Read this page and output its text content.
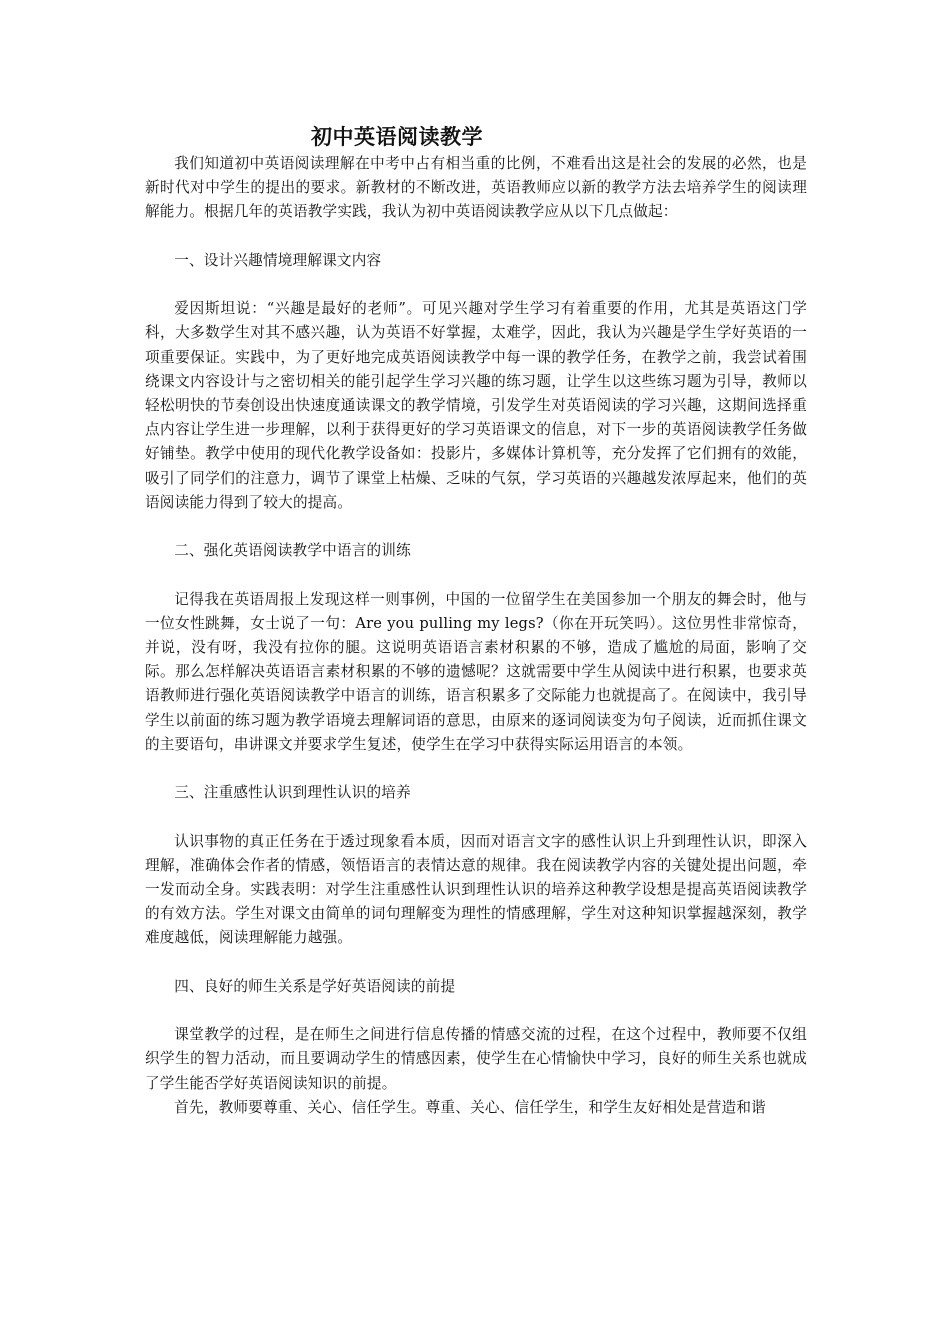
初中英语阅读教学

我们知道初中英语阅读理解在中考中占有相当重的比例，不难看出这是社会的发展的必然，也是新时代对中学生的提出的要求。新教材的不断改进，英语教师应以新的教学方法去培养学生的阅读理解能力。根据几年的英语教学实践，我认为初中英语阅读教学应从以下几点做起：

一、设计兴趣情境理解课文内容

爱因斯坦说：“兴趣是最好的老师”。可见兴趣对学生学习有着重要的作用，尤其是英语这门学科，大多数学生对其不感兴趣，认为英语不好掌握，太难学，因此，我认为兴趣是学生学好英语的一项重要保证。实践中，为了更好地完成英语阅读教学中每一课的教学任务，在教学之前，我尝试着围绕课文内容设计与之密切相关的能引起学生学习兴趣的练习题，让学生以这些练习题为引导，教师以轻松明快的节奏创设出快速度通读课文的教学情境，引发学生对英语阅读的学习兴趣，这期间选择重点内容让学生进一步理解，以利于获得更好的学习英语课文的信息，对下一步的英语阅读教学任务做好铺垫。教学中使用的现代化教学设备如：投影片，多媒体计算机等，充分发挥了它们拥有的效能，吸引了同学们的注意力，调节了课堂上枯燥、乏味的气氛，学习英语的兴趣越发浓厚起来，他们的英语阅读能力得到了较大的提高。

二、强化英语阅读教学中语言的训练

记得我在英语周报上发现这样一则事例，中国的一位留学生在美国参加一个朋友的舞会时，他与一位女性跳舞，女士说了一句：Are you pulling my legs?（你在开玩笑吗）。这位男性非常惊奇，并说，没有呀，我没有拉你的腿。这说明英语语言素材积累的不够，造成了尴尬的局面，影响了交际。那么怎样解决英语语言素材积累的不够的遗憾呢？这就需要中学生从阅读中进行积累，也要求英语教师进行强化英语阅读教学中语言的训练，语言积累多了交际能力也就提高了。在阅读中，我引导学生以前面的练习题为教学语境去理解词语的意思，由原来的逐词阅读变为句子阅读，近而抓住课文的主要语句，串讲课文并要求学生复述，使学生在学习中获得实际运用语言的本领。

三、注重感性认识到理性认识的培养

认识事物的真正任务在于透过现象看本质，因而对语言文字的感性认识上升到理性认识，即深入理解，准确体会作者的情感，领悟语言的表情达意的规律。我在阅读教学内容的关键处提出问题，牵一发而动全身。实践表明：对学生注重感性认识到理性认识的培养这种教学设想是提高英语阅读教学的有效方法。学生对课文由简单的词句理解变为理性的情感理解，学生对这种知识掌握越深刻，教学难度越低，阅读理解能力越强。

四、良好的师生关系是学好英语阅读的前提

课堂教学的过程，是在师生之间进行信息传播的情感交流的过程，在这个过程中，教师要不仅组织学生的智力活动，而且要调动学生的情感因素，使学生在心情愉快中学习，良好的师生关系也就成了学生能否学好英语阅读知识的前提。

首先，教师要尊重、关心、信任学生。尊重、关心、信任学生，和学生友好相处是营造和谐
